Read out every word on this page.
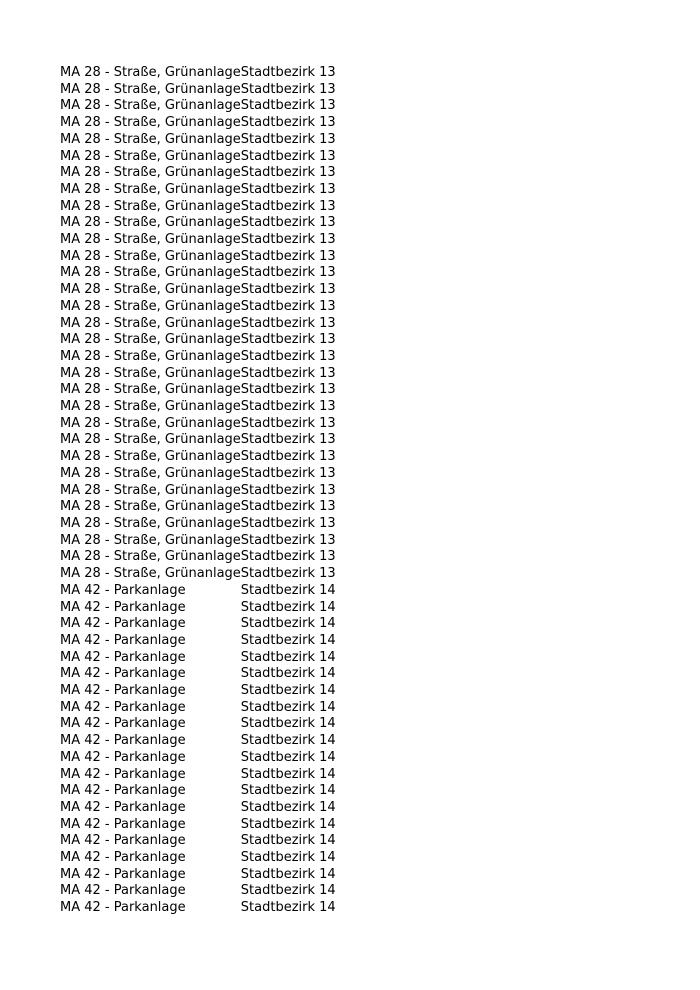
MA 28 - Straße, Grünanlage	Stadtbezirk 13
MA 28 - Straße, Grünanlage	Stadtbezirk 13
MA 28 - Straße, Grünanlage	Stadtbezirk 13
MA 28 - Straße, Grünanlage	Stadtbezirk 13
MA 28 - Straße, Grünanlage	Stadtbezirk 13
MA 28 - Straße, Grünanlage	Stadtbezirk 13
MA 28 - Straße, Grünanlage	Stadtbezirk 13
MA 28 - Straße, Grünanlage	Stadtbezirk 13
MA 28 - Straße, Grünanlage	Stadtbezirk 13
MA 28 - Straße, Grünanlage	Stadtbezirk 13
MA 28 - Straße, Grünanlage	Stadtbezirk 13
MA 28 - Straße, Grünanlage	Stadtbezirk 13
MA 28 - Straße, Grünanlage	Stadtbezirk 13
MA 28 - Straße, Grünanlage	Stadtbezirk 13
MA 28 - Straße, Grünanlage	Stadtbezirk 13
MA 28 - Straße, Grünanlage	Stadtbezirk 13
MA 28 - Straße, Grünanlage	Stadtbezirk 13
MA 28 - Straße, Grünanlage	Stadtbezirk 13
MA 28 - Straße, Grünanlage	Stadtbezirk 13
MA 28 - Straße, Grünanlage	Stadtbezirk 13
MA 28 - Straße, Grünanlage	Stadtbezirk 13
MA 28 - Straße, Grünanlage	Stadtbezirk 13
MA 28 - Straße, Grünanlage	Stadtbezirk 13
MA 28 - Straße, Grünanlage	Stadtbezirk 13
MA 28 - Straße, Grünanlage	Stadtbezirk 13
MA 28 - Straße, Grünanlage	Stadtbezirk 13
MA 28 - Straße, Grünanlage	Stadtbezirk 13
MA 28 - Straße, Grünanlage	Stadtbezirk 13
MA 28 - Straße, Grünanlage	Stadtbezirk 13
MA 28 - Straße, Grünanlage	Stadtbezirk 13
MA 28 - Straße, Grünanlage	Stadtbezirk 13
MA 42 - Parkanlage	Stadtbezirk 14
MA 42 - Parkanlage	Stadtbezirk 14
MA 42 - Parkanlage	Stadtbezirk 14
MA 42 - Parkanlage	Stadtbezirk 14
MA 42 - Parkanlage	Stadtbezirk 14
MA 42 - Parkanlage	Stadtbezirk 14
MA 42 - Parkanlage	Stadtbezirk 14
MA 42 - Parkanlage	Stadtbezirk 14
MA 42 - Parkanlage	Stadtbezirk 14
MA 42 - Parkanlage	Stadtbezirk 14
MA 42 - Parkanlage	Stadtbezirk 14
MA 42 - Parkanlage	Stadtbezirk 14
MA 42 - Parkanlage	Stadtbezirk 14
MA 42 - Parkanlage	Stadtbezirk 14
MA 42 - Parkanlage	Stadtbezirk 14
MA 42 - Parkanlage	Stadtbezirk 14
MA 42 - Parkanlage	Stadtbezirk 14
MA 42 - Parkanlage	Stadtbezirk 14
MA 42 - Parkanlage	Stadtbezirk 14
MA 42 - Parkanlage	Stadtbezirk 14
